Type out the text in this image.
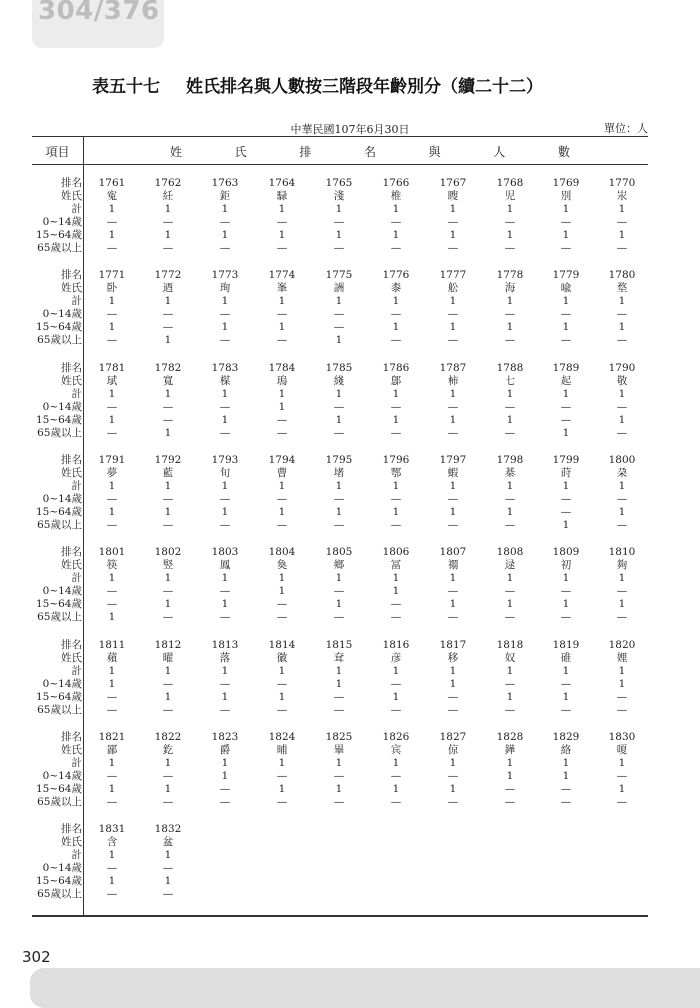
304/376
表五十七 姓氏排名與人數按三階段年齡別分（續二十二）
中華民國107年6月30日	單位：人
項目	姓	氏	排	名	與	人	數
排名
姓氏
計
0~14歲
15~64歲
65歲以上
1761	1762	1763	1764	1765	1766	1767	1768	1769	1770
寃	紝	鉅	騄	淺	椎	瞍	児	別	汖
1	1	1	1	1	1	1	1	1	1
—	—	—	—	—	—	—	—	—	—
1	1	1	1	1	1	1	1	1	1
—	—	—	—	—	—	—	—	—	—
排名
姓氏
計
0~14歲
15~64歲
65歲以上
1771	1772	1773	1774	1775	1776	1777	1778	1779	1780
卧	迺	珣	峯	詶	桼	舩	海	喩	堥
1	1	1	1	1	1	1	1	1	1
—	—	—	—	—	—	—	—	—	—
1	—	1	1	—	1	1	1	1	1
—	1	—	—	1	—	—	—	—	—
排名
姓氏
計
0~14歲
15~64歲
65歲以上
1781	1782	1783	1784	1785	1786	1787	1788	1789	1790
珷	寬	楳	瑦	綫	鄎	柿	七	起	敬
1	1	1	1	1	1	1	1	1	1
—	—	—	1	—	—	—	—	—	—
1	—	1	—	1	1	1	1	—	1
—	1	—	—	—	—	—	—	1	—
排名
姓氏
計
0~14歲
15~64歲
65歲以上
1791	1792	1793	1794	1795	1796	1797	1798	1799	1800
夢	藍	旬	曹	堵	鄂	蝦	棊	莳	朶
1	1	1	1	1	1	1	1	1	1
—	—	—	—	—	—	—	—	—	—
1	1	1	1	1	1	1	1	—	1
—	—	—	—	—	—	—	—	1	—
排名
姓氏
計
0~14歲
15~64歲
65歲以上
1801	1802	1803	1804	1805	1806	1807	1808	1809	1810
筷	竪	鳳	奐	鄉	冨	禤	逯	初	夠
1	1	1	1	1	1	1	1	1	1
—	—	—	1	—	1	—	—	—	—
—	1	1	—	1	—	1	1	1	1
1	—	—	—	—	—	—	—	—	—
排名
姓氏
計
0~14歲
15~64歲
65歲以上
1811	1812	1813	1814	1815	1816	1817	1818	1819	1820
蘋	曜	落	徽	耷	彦	移	奴	碓	娌
1	1	1	1	1	1	1	1	1	1
1	—	—	—	1	—	1	—	—	1
—	1	1	1	—	1	—	1	1	—
—	—	—	—	—	—	—	—	—	—
排名
姓氏
計
0~14歲
15~64歲
65歲以上
1821	1822	1823	1824	1825	1826	1827	1828	1829	1830
鄙	釳	爵	晡	畢	宾	倞	鏵	絡	嗄
1	1	1	1	1	1	1	1	1	1
—	—	1	—	—	—	—	1	1	—
1	1	—	1	1	1	1	—	—	1
—	—	—	—	—	—	—	—	—	—
排名
姓氏
計
0~14歲
15~64歲
65歲以上
1831	1832
含	盆
1	1
—	—
1	1
—	—
302
